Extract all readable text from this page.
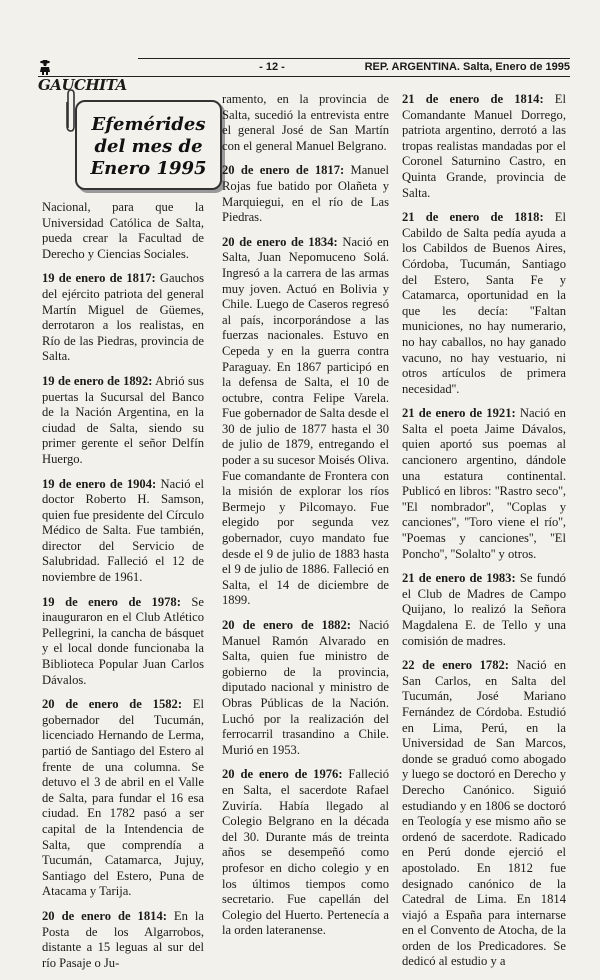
GAUCHITA
- 12 -	REP. ARGENTINA. Salta, Enero de 1995
Efemérides
del mes de
Enero 1995

Nacional, para que la Universidad Católica de Salta, pueda crear la Facultad de Derecho y Ciencias Sociales.

19 de enero de 1817: Gauchos del ejército patriota del general Martín Miguel de Güemes, derrotaron a los realistas, en Río de las Piedras, provincia de Salta.

19 de enero de 1892: Abrió sus puertas la Sucursal del Banco de la Nación Argentina, en la ciudad de Salta, siendo su primer gerente el señor Delfín Huergo.

19 de enero de 1904: Nació el doctor Roberto H. Samson, quien fue presidente del Círculo Médico de Salta. Fue también, director del Servicio de Salubridad. Falleció el 12 de noviembre de 1961.

19 de enero de 1978: Se inauguraron en el Club Atlético Pellegrini, la cancha de básquet y el local donde funcionaba la Biblioteca Popular Juan Carlos Dávalos.

20 de enero de 1582: El gobernador del Tucumán, licenciado Hernando de Lerma, partió de Santiago del Estero al frente de una columna. Se detuvo el 3 de abril en el Valle de Salta, para fundar el 16 esa ciudad. En 1782 pasó a ser capital de la Intendencia de Salta, que comprendía a Tucumán, Catamarca, Jujuy, Santiago del Estero, Puna de Atacama y Tarija.

20 de enero de 1814: En la Posta de los Algarrobos, distante a 15 leguas al sur del río Pasaje o Ju-

ramento, en la provincia de Salta, sucedió la entrevista entre el general José de San Martín con el general Manuel Belgrano.

20 de enero de 1817: Manuel Rojas fue batido por Olañeta y Marquiegui, en el río de Las Piedras.

20 de enero de 1834: Nació en Salta, Juan Nepomuceno Solá. Ingresó a la carrera de las armas muy joven. Actuó en Bolivia y Chile. Luego de Caseros regresó al país, incorporándose a las fuerzas nacionales. Estuvo en Cepeda y en la guerra contra Paraguay. En 1867 participó en la defensa de Salta, el 10 de octubre, contra Felipe Varela. Fue gobernador de Salta desde el 30 de julio de 1877 hasta el 30 de julio de 1879, entregando el poder a su sucesor Moisés Oliva. Fue comandante de Frontera con la misión de explorar los ríos Bermejo y Pilcomayo. Fue elegido por segunda vez gobernador, cuyo mandato fue desde el 9 de julio de 1883 hasta el 9 de julio de 1886. Falleció en Salta, el 14 de diciembre de 1899.

20 de enero de 1882: Nació Manuel Ramón Alvarado en Salta, quien fue ministro de gobierno de la provincia, diputado nacional y ministro de Obras Públicas de la Nación. Luchó por la realización del ferrocarril trasandino a Chile. Murió en 1953.

20 de enero de 1976: Falleció en Salta, el sacerdote Rafael Zuviría. Había llegado al Colegio Belgrano en la década del 30. Durante más de treinta años se desempeñó como profesor en dicho colegio y en los últimos tiempos como secretario. Fue capellán del Colegio del Huerto. Pertenecía a la orden lateranense.

21 de enero de 1814: El Comandante Manuel Dorrego, patriota argentino, derrotó a las tropas realistas mandadas por el Coronel Saturnino Castro, en Quinta Grande, provincia de Salta.

21 de enero de 1818: El Cabildo de Salta pedía ayuda a los Cabildos de Buenos Aires, Córdoba, Tucumán, Santiago del Estero, Santa Fe y Catamarca, oportunidad en la que les decía: ''Faltan municiones, no hay numerario, no hay caballos, no hay ganado vacuno, no hay vestuario, ni otros artículos de primera necesidad''.

21 de enero de 1921: Nació en Salta el poeta Jaime Dávalos, quien aportó sus poemas al cancionero argentino, dándole una estatura continental. Publicó en libros: ''Rastro seco'', ''El nombrador'', ''Coplas y canciones'', ''Toro viene el río'', ''Poemas y canciones'', ''El Poncho'', ''Solalto'' y otros.

21 de enero de 1983: Se fundó el Club de Madres de Campo Quijano, lo realizó la Señora Magdalena E. de Tello y una comisión de madres.

22 de enero 1782: Nació en San Carlos, en Salta del Tucumán, José Mariano Fernández de Córdoba. Estudió en Lima, Perú, en la Universidad de San Marcos, donde se graduó como abogado y luego se doctoró en Derecho y Derecho Canónico. Siguió estudiando y en 1806 se doctoró en Teología y ese mismo año se ordenó de sacerdote. Radicado en Perú donde ejerció el apostolado. En 1812 fue designado canónico de la Catedral de Lima. En 1814 viajó a España para internarse en el Convento de Atocha, de la orden de los Predicadores. Se dedicó al estudio y a
